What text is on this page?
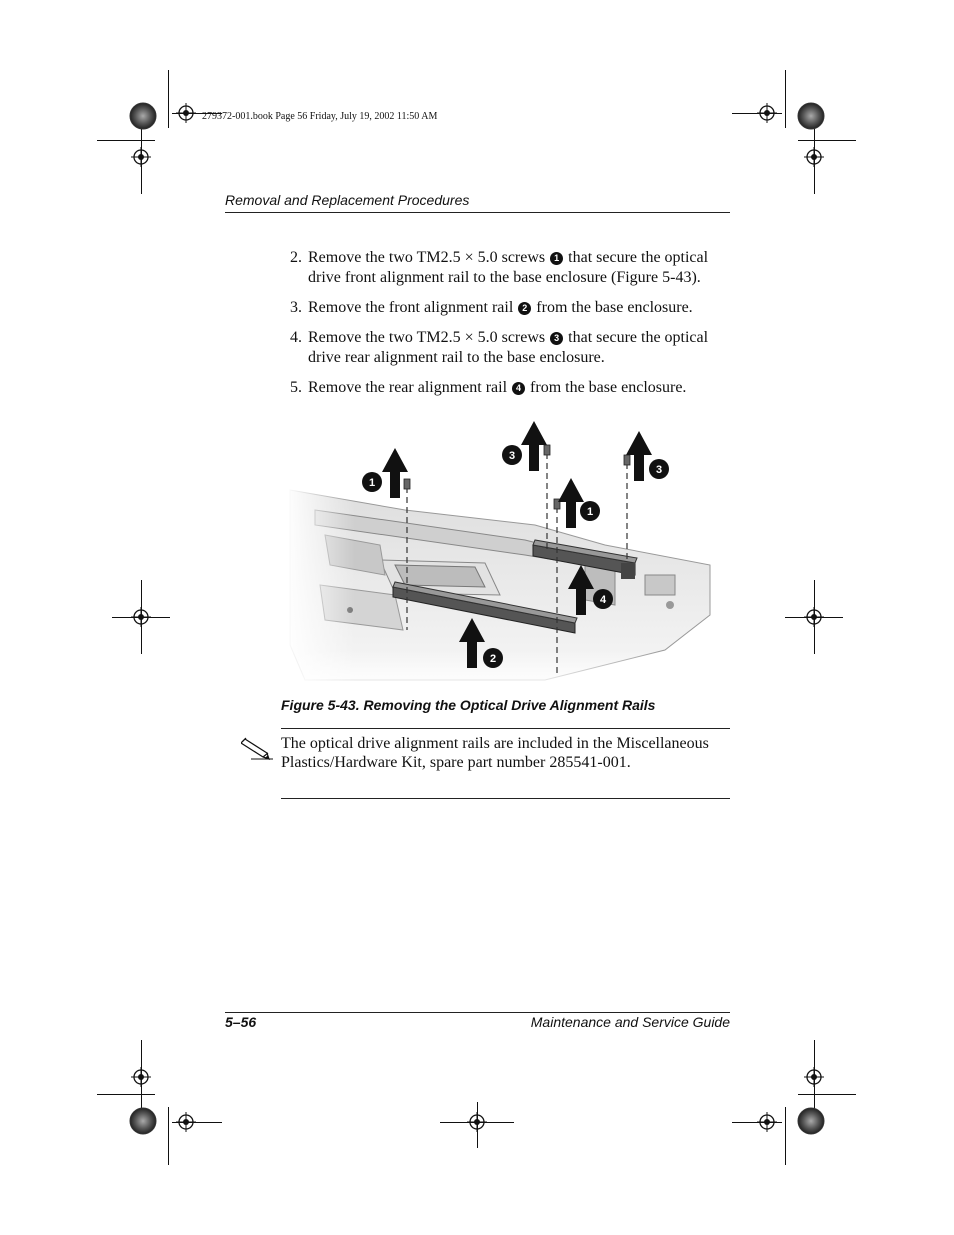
279372-001.book Page 56 Friday, July 19, 2002 11:50 AM
Removal and Replacement Procedures
2. Remove the two TM2.5 × 5.0 screws 1 that secure the optical drive front alignment rail to the base enclosure (Figure 5-43).
3. Remove the front alignment rail 2 from the base enclosure.
4. Remove the two TM2.5 × 5.0 screws 3 that secure the optical drive rear alignment rail to the base enclosure.
5. Remove the rear alignment rail 4 from the base enclosure.
1
3
1
3
4
2
Figure 5-43. Removing the Optical Drive Alignment Rails
The optical drive alignment rails are included in the Miscellaneous Plastics/Hardware Kit, spare part number 285541-001.
5–56	Maintenance and Service Guide
